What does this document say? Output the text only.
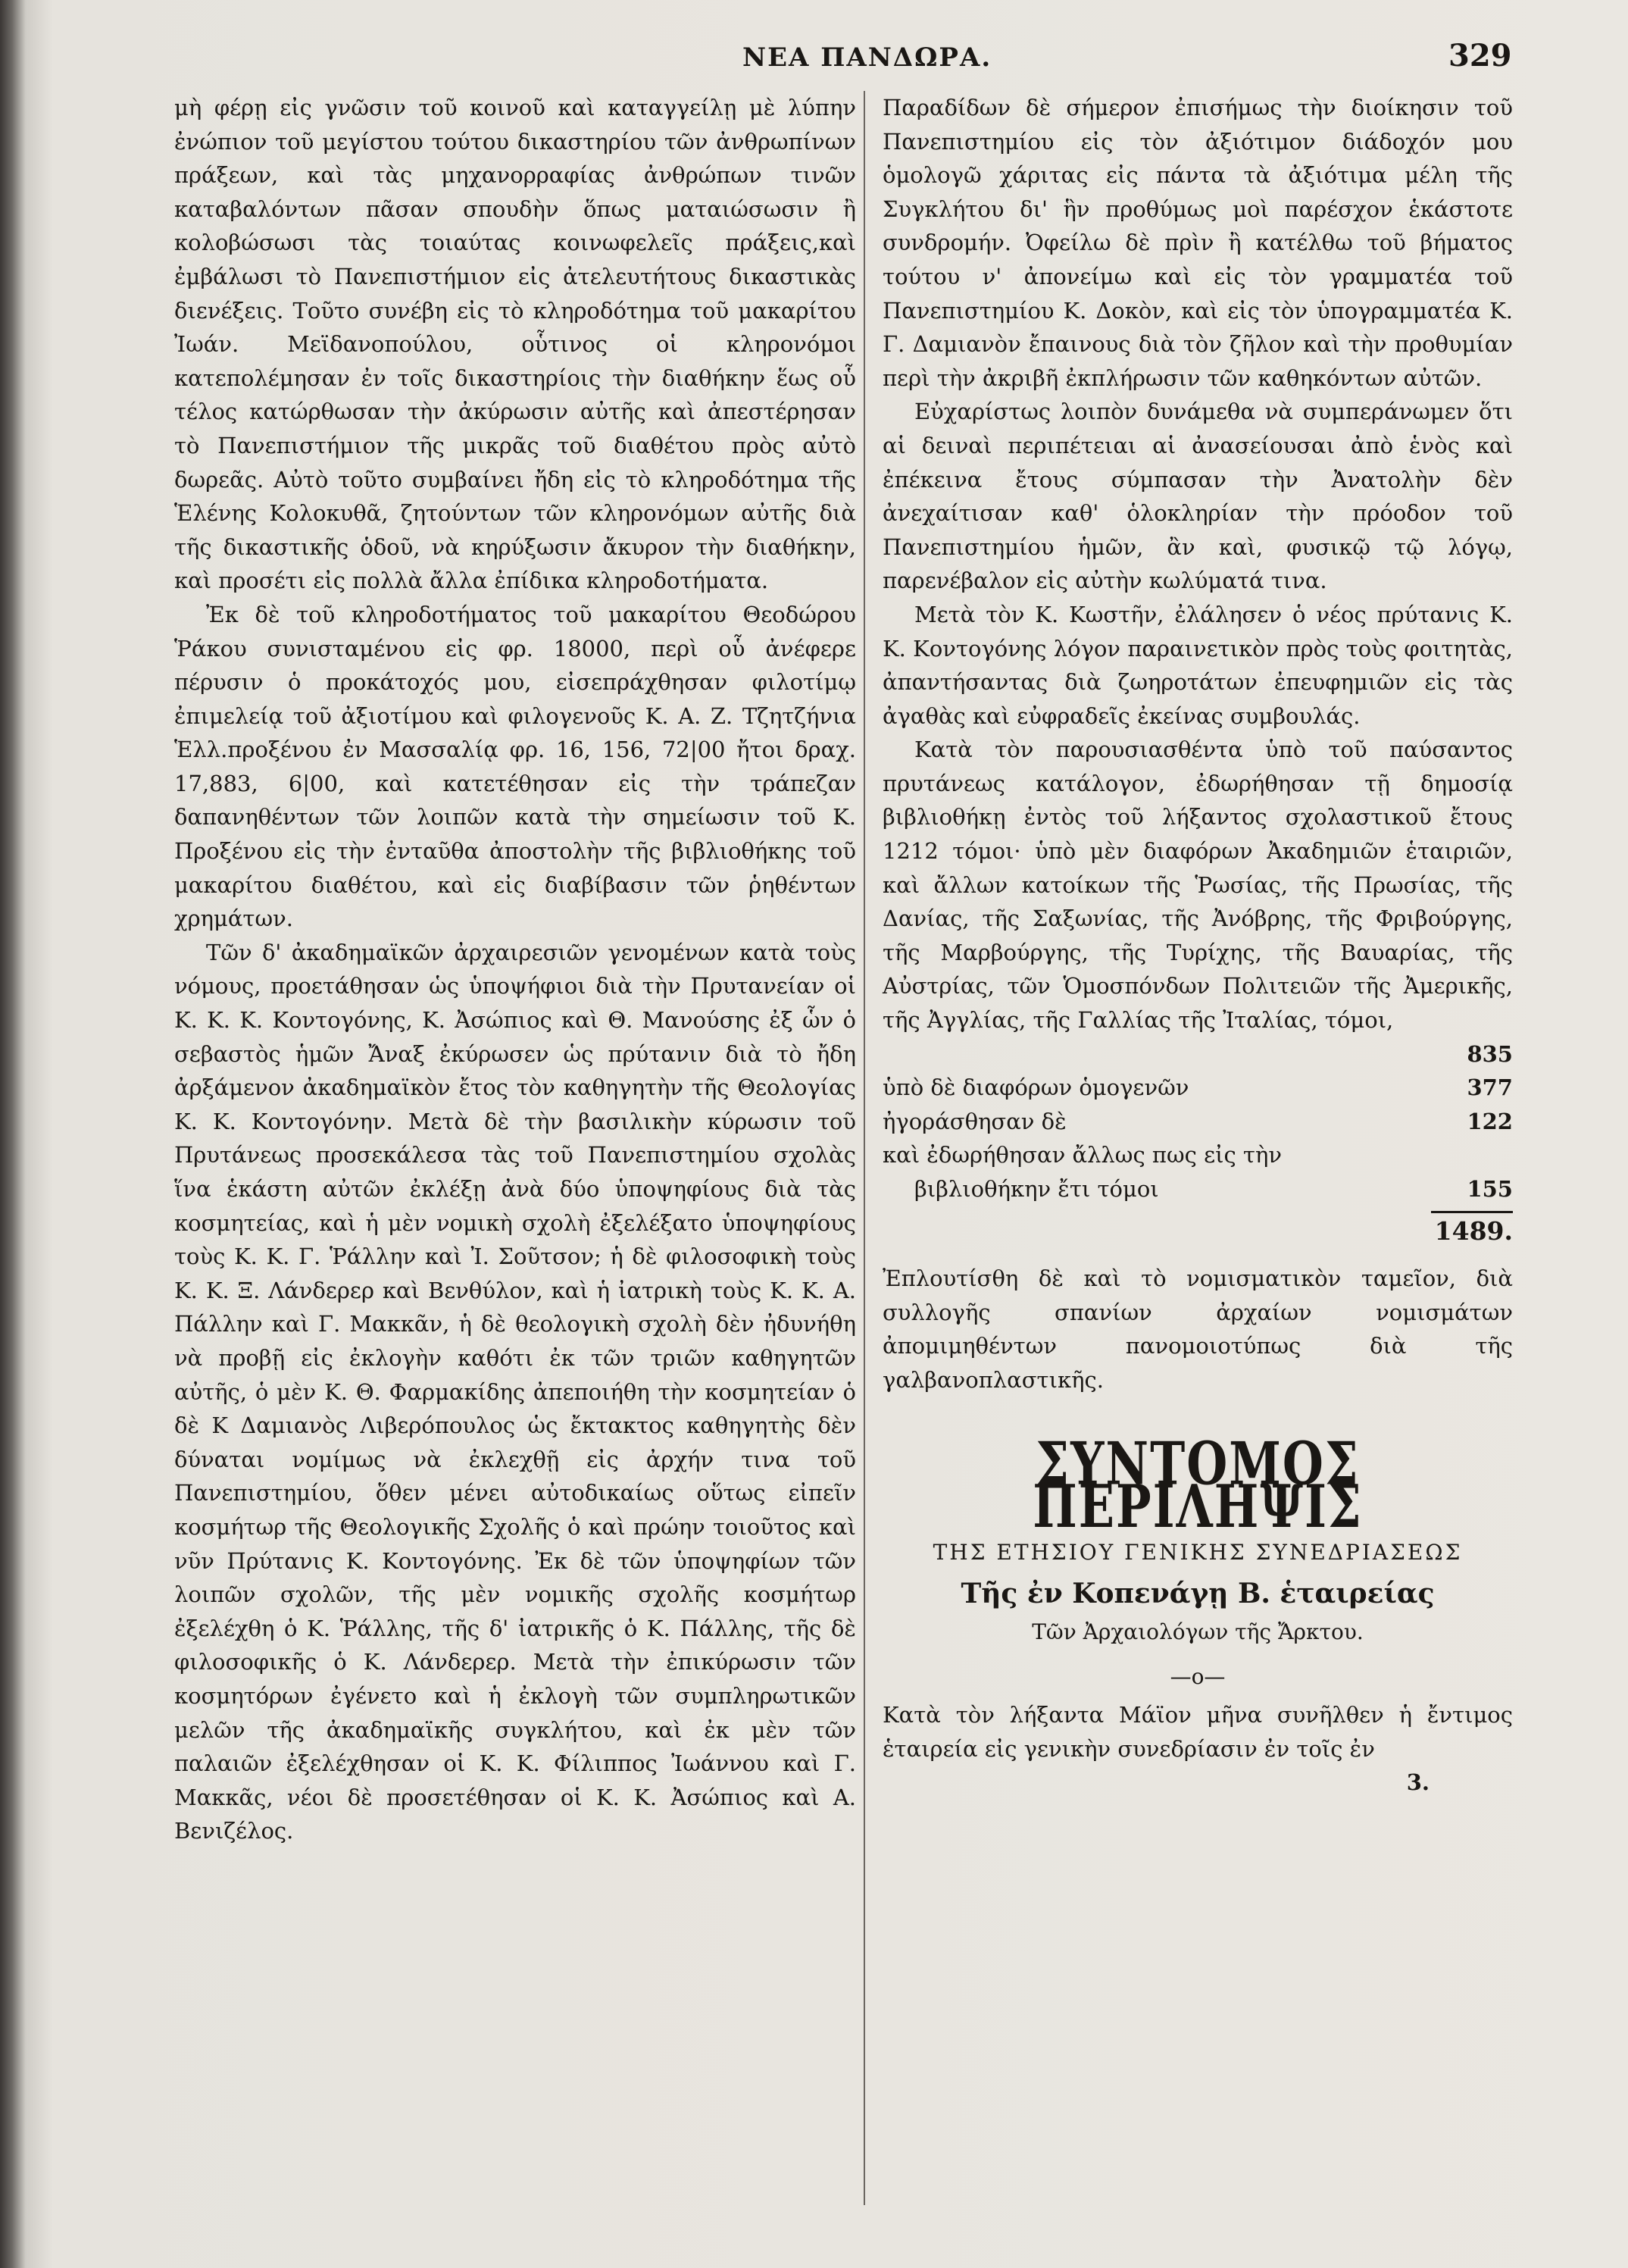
ΝΕΑ ΠΑΝΔΩΡΑ.	329

μὴ φέρῃ εἰς γνῶσιν τοῦ κοινοῦ καὶ καταγγείλῃ μὲ λύπην ἐνώπιον τοῦ μεγίστου τούτου δικαστηρίου τῶν ἀνθρωπίνων πράξεων, καὶ τὰς μηχανορραφίας ἀνθρώπων τινῶν καταβαλόντων πᾶσαν σπουδὴν ὅπως ματαιώσωσιν ἢ κολοβώσωσι τὰς τοιαύτας κοινωφελεῖς πράξεις,καὶ ἐμβάλωσι τὸ Πανεπιστήμιον εἰς ἀτελευτήτους δικαστικὰς διενέξεις. Τοῦτο συνέβη εἰς τὸ κληροδότημα τοῦ μακαρίτου Ἰωάν. Μεϊδανοπούλου, οὗτινος οἱ κληρονόμοι κατεπολέμησαν ἐν τοῖς δικαστηρίοις τὴν διαθήκην ἕως οὗ τέλος κατώρθωσαν τὴν ἀκύρωσιν αὐτῆς καὶ ἀπεστέρησαν τὸ Πανεπιστήμιον τῆς μικρᾶς τοῦ διαθέτου πρὸς αὐτὸ δωρεᾶς. Αὐτὸ τοῦτο συμβαίνει ἤδη εἰς τὸ κληροδότημα τῆς Ἑλένης Κολοκυθᾶ, ζητούντων τῶν κληρονόμων αὐτῆς διὰ τῆς δικαστικῆς ὁδοῦ, νὰ κηρύξωσιν ἄκυρον τὴν διαθήκην, καὶ προσέτι εἰς πολλὰ ἄλλα ἐπίδικα κληροδοτήματα.

Ἐκ δὲ τοῦ κληροδοτήματος τοῦ μακαρίτου Θεοδώρου Ῥάκου συνισταμένου εἰς φρ. 18000, περὶ οὗ ἀνέφερε πέρυσιν ὁ προκάτοχός μου, εἰσεπράχθησαν φιλοτίμῳ ἐπιμελείᾳ τοῦ ἀξιοτίμου καὶ φιλογενοῦς Κ. Α. Ζ. Τζητζήνια Ἑλλ.προξένου ἐν Μασσαλίᾳ φρ. 16, 156, 72|00 ἤτοι δραχ. 17,883, 6|00, καὶ κατετέθησαν εἰς τὴν τράπεζαν δαπανηθέντων τῶν λοιπῶν κατὰ τὴν σημείωσιν τοῦ Κ. Προξένου εἰς τὴν ἐνταῦθα ἀποστολὴν τῆς βιβλιοθήκης τοῦ μακαρίτου διαθέτου, καὶ εἰς διαβίβασιν τῶν ῥηθέντων χρημάτων.

Τῶν δ' ἀκαδημαϊκῶν ἀρχαιρεσιῶν γενομένων κατὰ τοὺς νόμους, προετάθησαν ὡς ὑποψήφιοι διὰ τὴν Πρυτανείαν οἱ Κ. Κ. Κ. Κοντογόνης, Κ. Ἀσώπιος καὶ Θ. Μανούσης ἐξ ὧν ὁ σεβαστὸς ἡμῶν Ἄναξ ἐκύρωσεν ὡς πρύτανιν διὰ τὸ ἤδη ἀρξάμενον ἀκαδημαϊκὸν ἔτος τὸν καθηγητὴν τῆς Θεολογίας Κ. Κ. Κοντογόνην. Μετὰ δὲ τὴν βασιλικὴν κύρωσιν τοῦ Πρυτάνεως προσεκάλεσα τὰς τοῦ Πανεπιστημίου σχολὰς ἵνα ἑκάστη αὐτῶν ἐκλέξῃ ἀνὰ δύο ὑποψηφίους διὰ τὰς κοσμητείας, καὶ ἡ μὲν νομικὴ σχολὴ ἐξελέξατο ὑποψηφίους τοὺς Κ. Κ. Γ. Ῥάλλην καὶ Ἰ. Σοῦτσον; ἡ δὲ φιλοσοφικὴ τοὺς Κ. Κ. Ξ. Λάνδερερ καὶ Βενθύλον, καὶ ἡ ἰατρικὴ τοὺς Κ. Κ. Α. Πάλλην καὶ Γ. Μακκᾶν, ἡ δὲ θεολογικὴ σχολὴ δὲν ἠδυνήθη νὰ προβῇ εἰς ἐκλογὴν καθότι ἐκ τῶν τριῶν καθηγητῶν αὐτῆς, ὁ μὲν Κ. Θ. Φαρμακίδης ἀπεποιήθη τὴν κοσμητείαν ὁ δὲ Κ Δαμιανὸς Λιβερόπουλος ὡς ἔκτακτος καθηγητὴς δὲν δύναται νομίμως νὰ ἐκλεχθῇ εἰς ἀρχήν τινα τοῦ Πανεπιστημίου, ὅθεν μένει αὐτοδικαίως οὕτως εἰπεῖν κοσμήτωρ τῆς Θεολογικῆς Σχολῆς ὁ καὶ πρώην τοιοῦτος καὶ νῦν Πρύτανις Κ. Κοντογόνης. Ἐκ δὲ τῶν ὑποψηφίων τῶν λοιπῶν σχολῶν, τῆς μὲν νομικῆς σχολῆς κοσμήτωρ ἐξελέχθη ὁ Κ. Ῥάλλης, τῆς δ' ἰατρικῆς ὁ Κ. Πάλλης, τῆς δὲ φιλοσοφικῆς ὁ Κ. Λάνδερερ. Μετὰ τὴν ἐπικύρωσιν τῶν κοσμητόρων ἐγένετο καὶ ἡ ἐκλογὴ τῶν συμπληρωτικῶν μελῶν τῆς ἀκαδημαϊκῆς συγκλήτου, καὶ ἐκ μὲν τῶν παλαιῶν ἐξελέχθησαν οἱ Κ. Κ. Φίλιππος Ἰωάννου καὶ Γ. Μακκᾶς, νέοι δὲ προσετέθησαν οἱ Κ. Κ. Ἀσώπιος καὶ Α. Βενιζέλος.

Παραδίδων δὲ σήμερον ἐπισήμως τὴν διοίκησιν τοῦ Πανεπιστημίου εἰς τὸν ἀξιότιμον διάδοχόν μου ὁμολογῶ χάριτας εἰς πάντα τὰ ἀξιότιμα μέλη τῆς Συγκλήτου δι' ἣν προθύμως μοὶ παρέσχον ἑκάστοτε συνδρομήν. Ὀφείλω δὲ πρὶν ἢ κατέλθω τοῦ βήματος τούτου ν' ἀπονείμω καὶ εἰς τὸν γραμματέα τοῦ Πανεπιστημίου Κ. Δοκὸν, καὶ εἰς τὸν ὑπογραμματέα Κ. Γ. Δαμιανὸν ἔπαινους διὰ τὸν ζῆλον καὶ τὴν προθυμίαν περὶ τὴν ἀκριβῆ ἐκπλήρωσιν τῶν καθηκόντων αὐτῶν.

Εὐχαρίστως λοιπὸν δυνάμεθα νὰ συμπεράνωμεν ὅτι αἱ δειναὶ περιπέτειαι αἱ ἀνασείουσαι ἀπὸ ἑνὸς καὶ ἐπέκεινα ἔτους σύμπασαν τὴν Ἀνατολὴν δὲν ἀνεχαίτισαν καθ' ὁλοκληρίαν τὴν πρόοδον τοῦ Πανεπιστημίου ἡμῶν, ἂν καὶ, φυσικῷ τῷ λόγῳ, παρενέβαλον εἰς αὐτὴν κωλύματά τινα.

Μετὰ τὸν Κ. Κωστῆν, ἐλάλησεν ὁ νέος πρύτανις Κ. Κ. Κοντογόνης λόγον παραινετικὸν πρὸς τοὺς φοιτητὰς, ἀπαντήσαντας διὰ ζωηροτάτων ἐπευφημιῶν εἰς τὰς ἀγαθὰς καὶ εὐφραδεῖς ἐκείνας συμβουλάς.

Κατὰ τὸν παρουσιασθέντα ὑπὸ τοῦ παύσαντος πρυτάνεως κατάλογον, ἐδωρήθησαν τῇ δημοσίᾳ βιβλιοθήκῃ ἐντὸς τοῦ λήξαντος σχολαστικοῦ ἔτους 1212 τόμοι· ὑπὸ μὲν διαφόρων Ἀκαδημιῶν ἑταιριῶν, καὶ ἄλλων κατοίκων τῆς Ῥωσίας, τῆς Πρωσίας, τῆς Δανίας, τῆς Σαξωνίας, τῆς Ἀνόβρης, τῆς Φριβούργης, τῆς Μαρβούργης, τῆς Τυρίχης, τῆς Βαυαρίας, τῆς Αὐστρίας, τῶν Ὁμοσπόνδων Πολιτειῶν τῆς Ἀμερικῆς, τῆς Ἀγγλίας, τῆς Γαλλίας τῆς Ἰταλίας, τόμοι,

835
ὑπὸ δὲ διαφόρων ὁμογενῶν	377
ἠγοράσθησαν δὲ	122
καὶ ἐδωρήθησαν ἄλλως πως εἰς τὴν
βιβλιοθήκην ἔτι τόμοι	155
1489.

Ἐπλουτίσθη δὲ καὶ τὸ νομισματικὸν ταμεῖον, διὰ συλλογῆς σπανίων ἀρχαίων νομισμάτων ἀπομιμηθέντων πανομοιοτύπως διὰ τῆς γαλβανοπλαστικῆς.

ΣΥΝΤΟΜΟΣ ΠΕΡΙΛΗΨΙΣ
ΤΗΣ ΕΤΗΣΙΟΥ ΓΕΝΙΚΗΣ ΣΥΝΕΔΡΙΑΣΕΩΣ
Τῆς ἐν Κοπενάγῃ Β. ἑταιρείας
Τῶν Ἀρχαιολόγων τῆς Ἄρκτου.
—o—

Κατὰ τὸν λήξαντα Μάϊον μῆνα συνῆλθεν ἡ ἔντιμος ἑταιρεία εἰς γενικὴν συνεδρίασιν ἐν τοῖς ἐν

3.
